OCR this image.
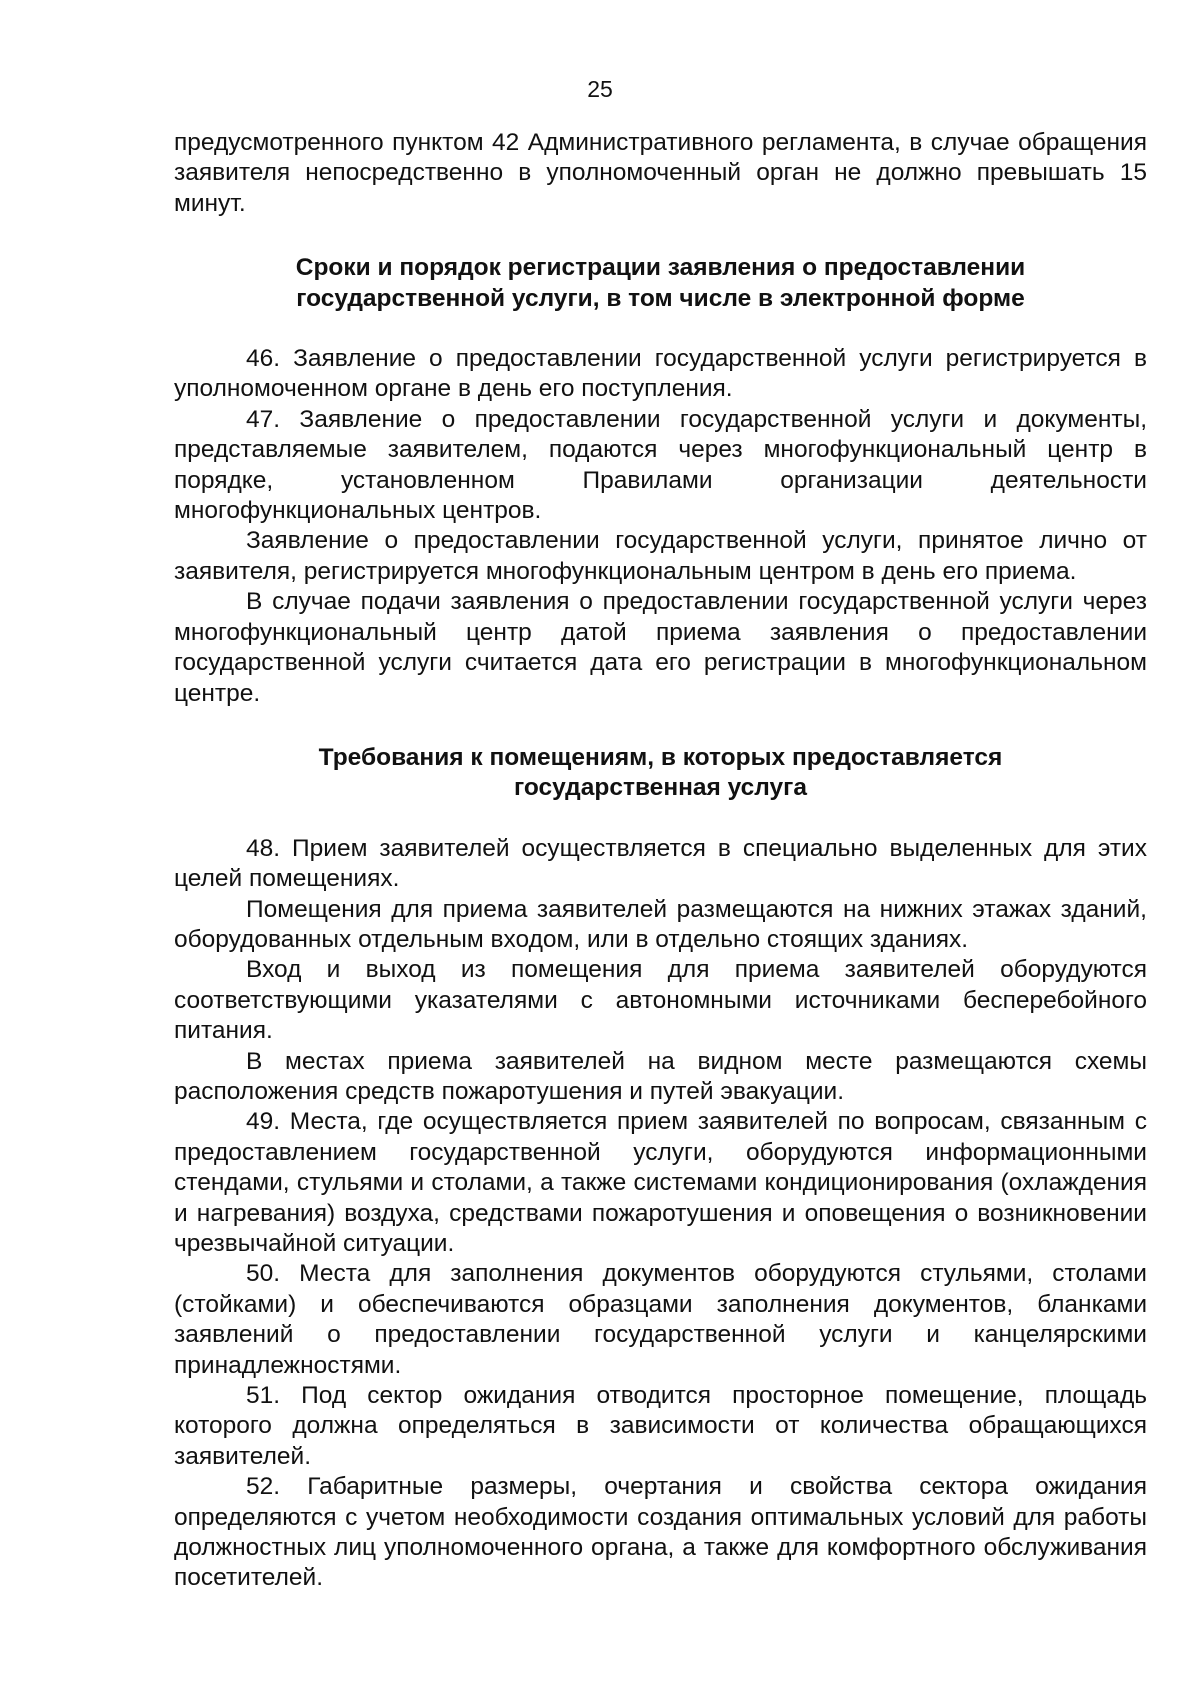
25

предусмотренного пунктом 42 Административного регламента, в случае обращения заявителя непосредственно в уполномоченный орган не должно превышать 15 минут.

Сроки и порядок регистрации заявления о предоставлении
государственной услуги, в том числе в электронной форме

46. Заявление о предоставлении государственной услуги регистрируется в уполномоченном органе в день его поступления.

47. Заявление о предоставлении государственной услуги и документы, представляемые заявителем, подаются через многофункциональный центр в порядке, установленном Правилами организации деятельности многофункциональных центров.

Заявление о предоставлении государственной услуги, принятое лично от заявителя, регистрируется многофункциональным центром в день его приема.

В случае подачи заявления о предоставлении государственной услуги через многофункциональный центр датой приема заявления о предоставлении государственной услуги считается дата его регистрации в многофункциональном центре.

Требования к помещениям, в которых предоставляется
государственная услуга

48. Прием заявителей осуществляется в специально выделенных для этих целей помещениях.

Помещения для приема заявителей размещаются на нижних этажах зданий, оборудованных отдельным входом, или в отдельно стоящих зданиях.

Вход и выход из помещения для приема заявителей оборудуются соответствующими указателями с автономными источниками бесперебойного питания.

В местах приема заявителей на видном месте размещаются схемы расположения средств пожаротушения и путей эвакуации.

49. Места, где осуществляется прием заявителей по вопросам, связанным с предоставлением государственной услуги, оборудуются информационными стендами, стульями и столами, а также системами кондиционирования (охлаждения и нагревания) воздуха, средствами пожаротушения и оповещения о возникновении чрезвычайной ситуации.

50. Места для заполнения документов оборудуются стульями, столами (стойками) и обеспечиваются образцами заполнения документов, бланками заявлений о предоставлении государственной услуги и канцелярскими принадлежностями.

51. Под сектор ожидания отводится просторное помещение, площадь которого должна определяться в зависимости от количества обращающихся заявителей.

52. Габаритные размеры, очертания и свойства сектора ожидания определяются с учетом необходимости создания оптимальных условий для работы должностных лиц уполномоченного органа, а также для комфортного обслуживания посетителей.
